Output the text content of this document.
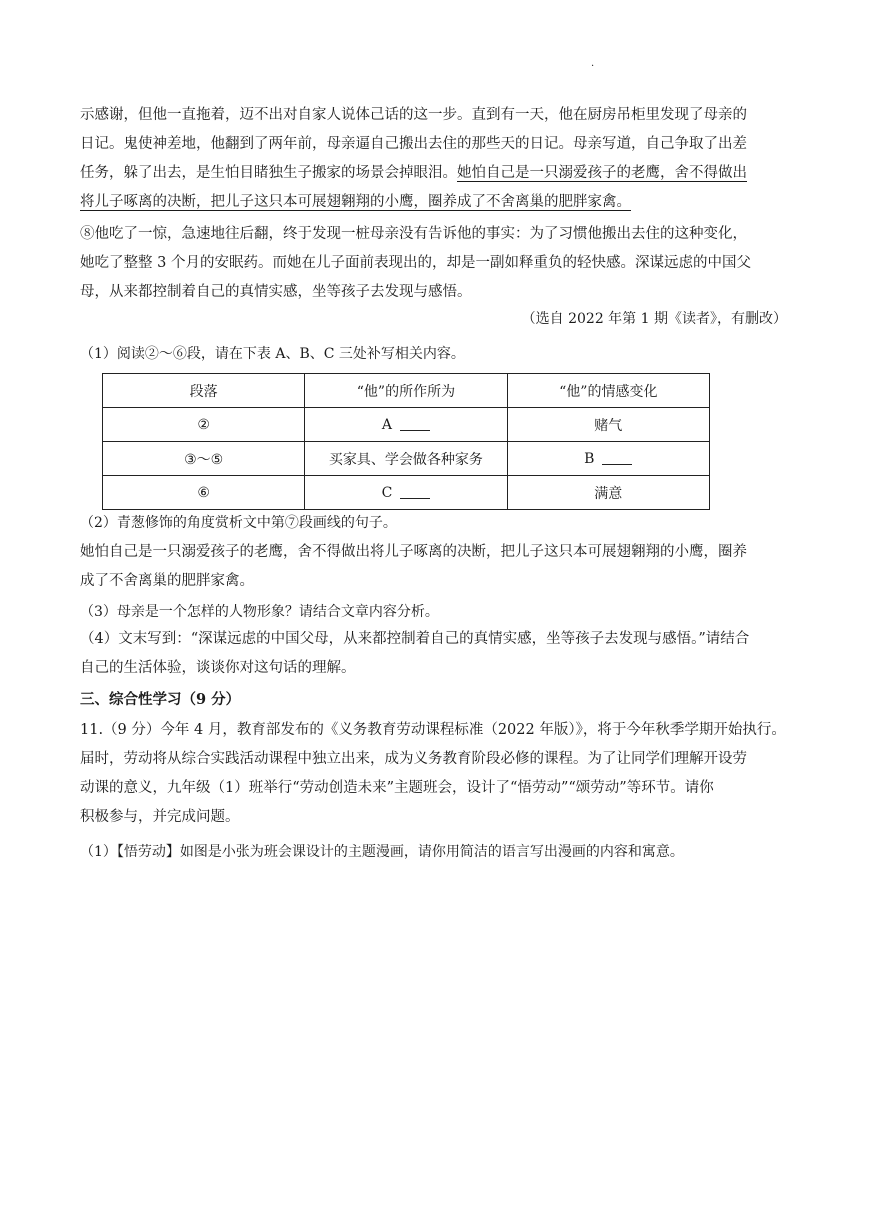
.
示感谢，但他一直拖着，迈不出对自家人说体己话的这一步。直到有一天，他在厨房吊柜里发现了母亲的
日记。鬼使神差地，他翻到了两年前，母亲逼自己搬出去住的那些天的日记。母亲写道，自己争取了出差
任务，躲了出去，是生怕目睹独生子搬家的场景会掉眼泪。她怕自己是一只溺爱孩子的老鹰，舍不得做出
将儿子啄离的决断，把儿子这只本可展翅翱翔的小鹰，圈养成了不舍离巢的肥胖家禽。
⑧他吃了一惊，急速地往后翻，终于发现一桩母亲没有告诉他的事实：为了习惯他搬出去住的这种变化，
她吃了整整 3 个月的安眠药。而她在儿子面前表现出的，却是一副如释重负的轻快感。深谋远虑的中国父
母，从来都控制着自己的真情实感，坐等孩子去发现与感悟。
（选自 2022 年第 1 期《读者》，有删改）
（1）阅读②～⑥段，请在下表 A、B、C 三处补写相关内容。
段落	“他”的所作所为	“他”的情感变化
②	A	赌气
③～⑤	买家具、学会做各种家务	B
⑥	C	满意
（2）青葱修饰的角度赏析文中第⑦段画线的句子。
她怕自己是一只溺爱孩子的老鹰，舍不得做出将儿子啄离的决断，把儿子这只本可展翅翱翔的小鹰，圈养
成了不舍离巢的肥胖家禽。
（3）母亲是一个怎样的人物形象？请结合文章内容分析。
（4）文末写到：“深谋远虑的中国父母，从来都控制着自己的真情实感，坐等孩子去发现与感悟。”请结合
自己的生活体验，谈谈你对这句话的理解。
三、综合性学习（9 分）
11.（9 分）今年 4 月，教育部发布的《义务教育劳动课程标准（2022 年版）》，将于今年秋季学期开始执行。
届时，劳动将从综合实践活动课程中独立出来，成为义务教育阶段必修的课程。为了让同学们理解开设劳
动课的意义，九年级（1）班举行“劳动创造未来”主题班会，设计了“悟劳动”“颂劳动”等环节。请你
积极参与，并完成问题。
（1）【悟劳动】如图是小张为班会课设计的主题漫画，请你用简洁的语言写出漫画的内容和寓意。
